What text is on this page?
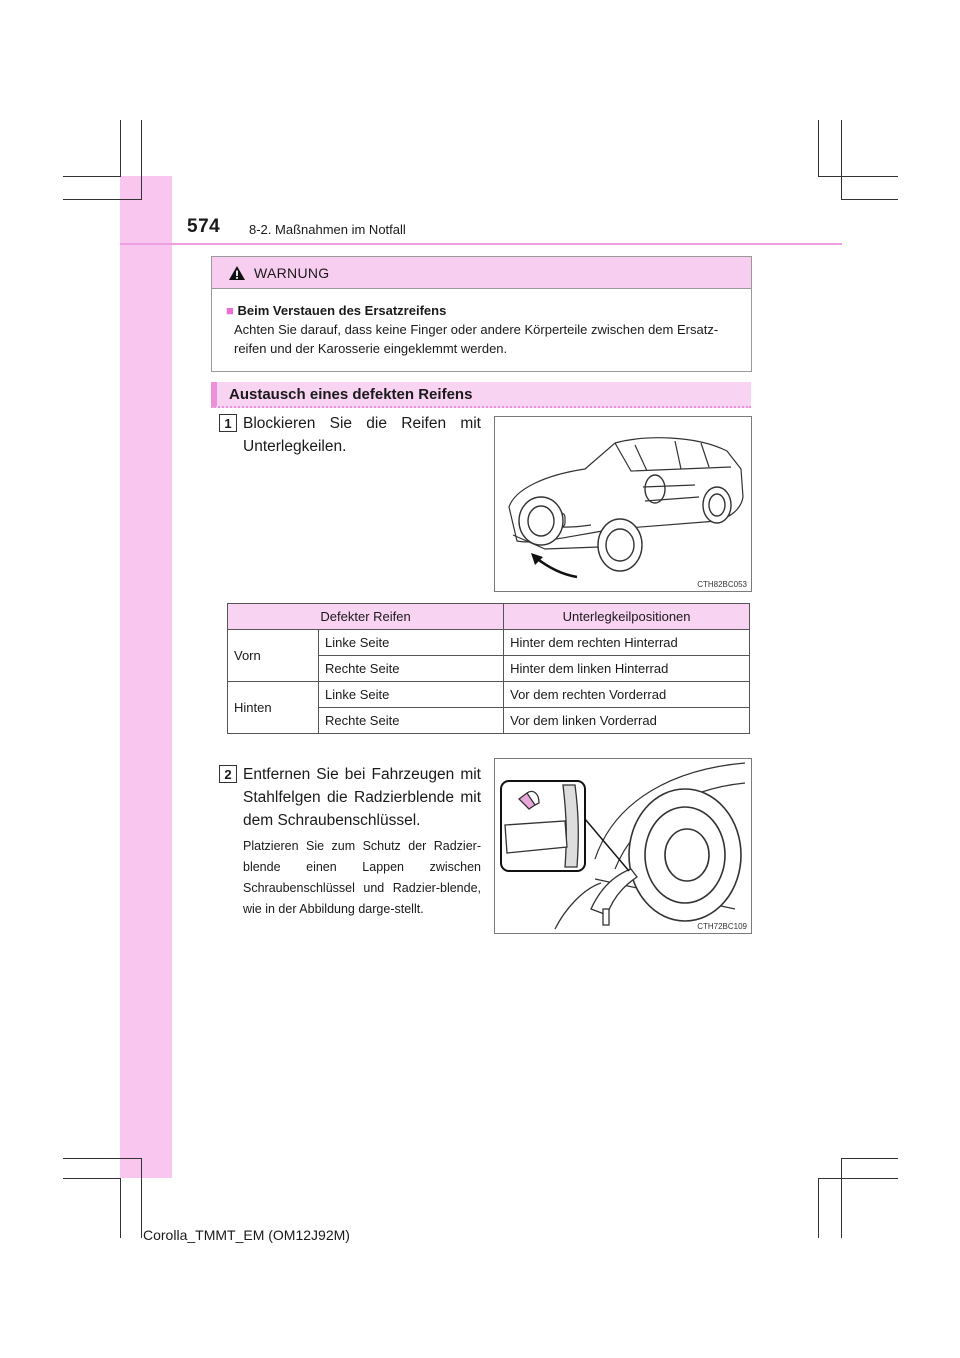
574 8-2. Maßnahmen im Notfall
WARNUNG
■ Beim Verstauen des Ersatzreifens
Achten Sie darauf, dass keine Finger oder andere Körperteile zwischen dem Ersatz-reifen und der Karosserie eingeklemmt werden.
Austausch eines defekten Reifens
1 Blockieren Sie die Reifen mit Unterlegkeilen.
CTH82BC053
Defekter Reifen		Unterlegkeilpositionen
Vorn	Linke Seite	Hinter dem rechten Hinterrad
	Rechte Seite	Hinter dem linken Hinterrad
Hinten	Linke Seite	Vor dem rechten Vorderrad
	Rechte Seite	Vor dem linken Vorderrad
2 Entfernen Sie bei Fahrzeugen mit Stahlfelgen die Radzierblende mit dem Schraubenschlüssel.
Platzieren Sie zum Schutz der Radzier-blende einen Lappen zwischen Schraubenschlüssel und Radzier-blende, wie in der Abbildung darge-stellt.
CTH72BC109
Corolla_TMMT_EM (OM12J92M)
